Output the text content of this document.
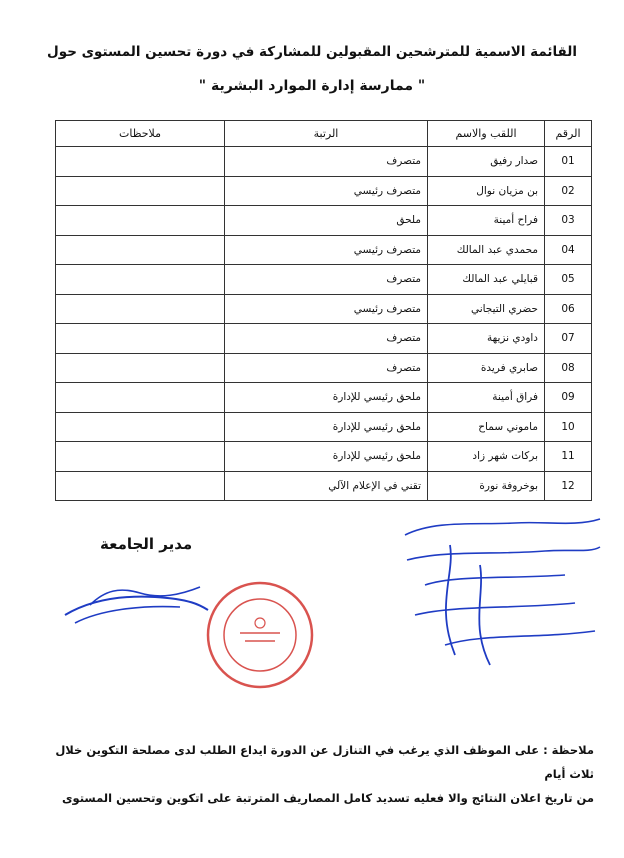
القائمة الاسمية للمترشحين المقبولين للمشاركة في دورة تحسين المستوى حول
" ممارسة إدارة الموارد البشرية "
الرقم	اللقب والاسم	الرتبة	ملاحظات
01	صدار رفيق	متصرف	
02	بن مزيان نوال	متصرف رئيسي	
03	فراح أمينة	ملحق	
04	محمدي عبد المالك	متصرف رئيسي	
05	قبايلي عبد المالك	متصرف	
06	حضري التيجاني	متصرف رئيسي	
07	داودي نزيهة	متصرف	
08	صابري فريدة	متصرف	
09	فراق أمينة	ملحق رئيسي للإدارة	
10	ماموني سماح	ملحق رئيسي للإدارة	
11	بركات شهر زاد	ملحق رئيسي للإدارة	
12	بوخروفة نورة	تقني في الإعلام الآلي	
مدير الجامعة

ملاحظة : على الموظف الذي يرغب في التنازل عن الدورة ايداع الطلب لدى مصلحة التكوين خلال ثلاث أيام

من تاريخ اعلان النتائج والا فعليه تسديد كامل المصاريف المترتبة على اتكوين وتحسين المستوى
